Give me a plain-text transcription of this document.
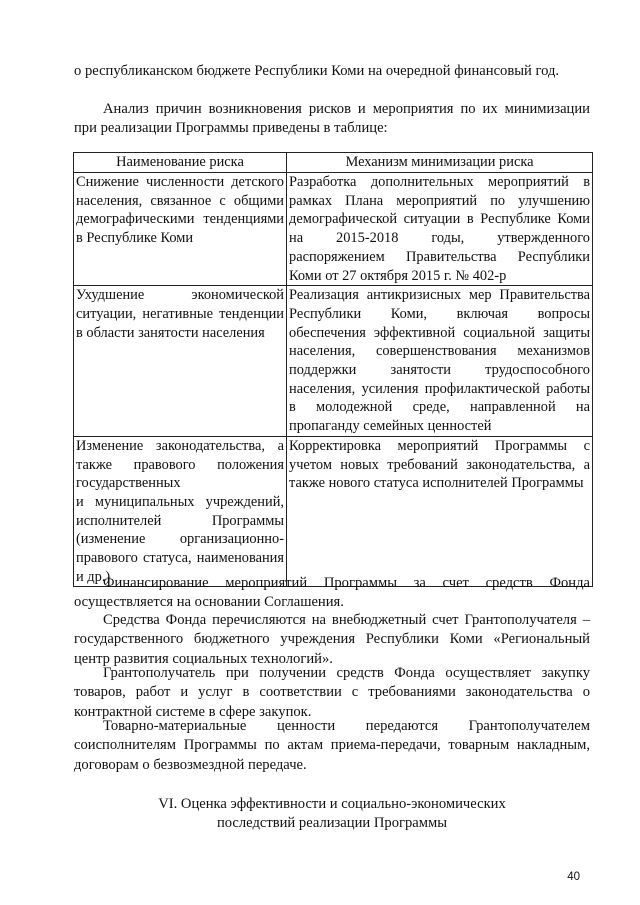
о республиканском бюджете Республики Коми на очередной финансовый год.
Анализ причин возникновения рисков и мероприятия по их минимизации при реализации Программы приведены в таблице:
Наименование риска	Механизм минимизации риска
Снижение численности детского населения, связанное с общими демографическими тенденциями в Республике Коми	Разработка дополнительных мероприятий в рамках Плана мероприятий по улучшению демографической ситуации в Республике Коми на 2015-2018 годы, утвержденного распоряжением Правительства Республики Коми от 27 октября 2015 г. № 402-р
Ухудшение экономической ситуации, негативные тенденции в области занятости населения	Реализация антикризисных мер Правительства Республики Коми, включая вопросы обеспечения эффективной социальной защиты населения, совершенствования механизмов поддержки занятости трудоспособного населения, усиления профилактической работы в молодежной среде, направленной на пропаганду семейных ценностей

Изменение законодательства, а также правового положения государственных
и муниципальных учреждений, исполнителей Программы (изменение организационно-правового статуса, наименования и др.)	Корректировка мероприятий Программы с учетом новых требований законодательства, а также нового статуса исполнителей Программы
Финансирование мероприятий Программы за счет средств Фонда осуществляется на основании Соглашения.
Средства Фонда перечисляются на внебюджетный счет Грантополучателя – государственного бюджетного учреждения Республики Коми «Региональный центр развития социальных технологий».
Грантополучатель при получении средств Фонда осуществляет закупку товаров, работ и услуг в соответствии с требованиями законодательства о контрактной системе в сфере закупок.
Товарно-материальные ценности передаются Грантополучателем соисполнителям Программы по актам приема-передачи, товарным накладным, договорам о безвозмездной передаче.
VI. Оценка эффективности и социально-экономических
последствий реализации Программы
40
